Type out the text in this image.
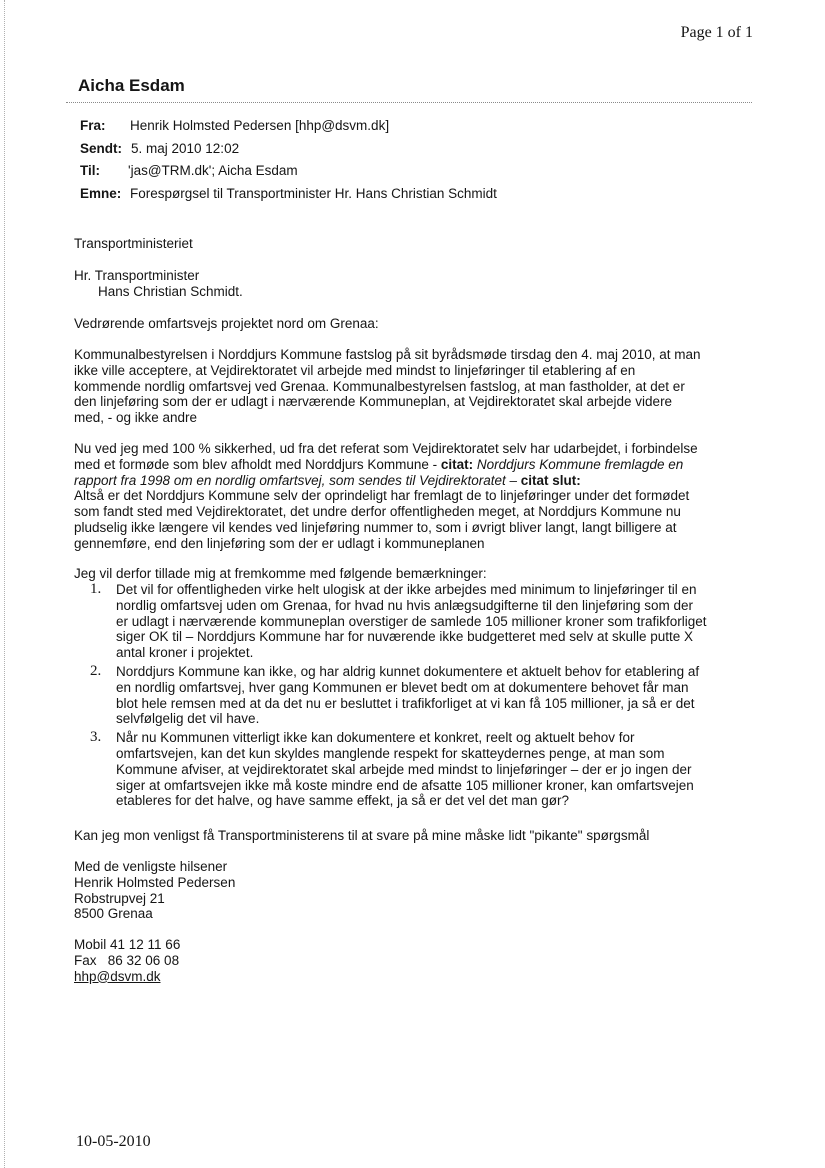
Page 1 of 1
Aicha Esdam
Fra: Henrik Holmsted Pedersen [hhp@dsvm.dk]
Sendt: 5. maj 2010 12:02
Til: 'jas@TRM.dk'; Aicha Esdam
Emne: Forespørgsel til Transportminister Hr. Hans Christian Schmidt
Transportministeriet
Hr. Transportminister
Hans Christian Schmidt.
Vedrørende omfartsvejs projektet nord om Grenaa:

Kommunalbestyrelsen i Norddjurs Kommune fastslog på sit byrådsmøde tirsdag den 4. maj 2010, at man

ikke ville acceptere, at Vejdirektoratet vil arbejde med mindst to linjeføringer til etablering af en

kommende nordlig omfartsvej ved Grenaa. Kommunalbestyrelsen fastslog, at man fastholder, at det er

den linjeføring som der er udlagt i nærværende Kommuneplan, at Vejdirektoratet skal arbejde videre

med, - og ikke andre

Nu ved jeg med 100 % sikkerhed, ud fra det referat som Vejdirektoratet selv har udarbejdet, i forbindelse

med et formøde som blev afholdt med Norddjurs Kommune - citat: Norddjurs Kommune fremlagde en

rapport fra 1998 om en nordlig omfartsvej, som sendes til Vejdirektoratet – citat slut:

Altså er det Norddjurs Kommune selv der oprindeligt har fremlagt de to linjeføringer under det formødet

som fandt sted med Vejdirektoratet, det undre derfor offentligheden meget, at Norddjurs Kommune nu

pludselig ikke længere vil kendes ved linjeføring nummer to, som i øvrigt bliver langt, langt billigere at

gennemføre, end den linjeføring som der er udlagt i kommuneplanen

Jeg vil derfor tillade mig at fremkomme med følgende bemærkninger:
1. Det vil for offentligheden virke helt ulogisk at der ikke arbejdes med minimum to linjeføringer til en
nordlig omfartsvej uden om Grenaa, for hvad nu hvis anlægsudgifterne til den linjeføring som der
er udlagt i nærværende kommuneplan overstiger de samlede 105 millioner kroner som trafikforliget
siger OK til – Norddjurs Kommune har for nuværende ikke budgetteret med selv at skulle putte X
antal kroner i projektet.
2. Norddjurs Kommune kan ikke, og har aldrig kunnet dokumentere et aktuelt behov for etablering af
en nordlig omfartsvej, hver gang Kommunen er blevet bedt om at dokumentere behovet får man
blot hele remsen med at da det nu er besluttet i trafikforliget at vi kan få 105 millioner, ja så er det
selvfølgelig det vil have.
3. Når nu Kommunen vitterligt ikke kan dokumentere et konkret, reelt og aktuelt behov for
omfartsvejen, kan det kun skyldes manglende respekt for skatteydernes penge, at man som
Kommune afviser, at vejdirektoratet skal arbejde med mindst to linjeføringer – der er jo ingen der
siger at omfartsvejen ikke må koste mindre end de afsatte 105 millioner kroner, kan omfartsvejen
etableres for det halve, og have samme effekt, ja så er det vel det man gør?
Kan jeg mon venligst få Transportministerens til at svare på mine måske lidt "pikante" spørgsmål

Med de venligste hilsener

Henrik Holmsted Pedersen

Robstrupvej 21

8500 Grenaa

Mobil 41 12 11 66

Fax   86 32 06 08

hhp@dsvm.dk

10-05-2010
